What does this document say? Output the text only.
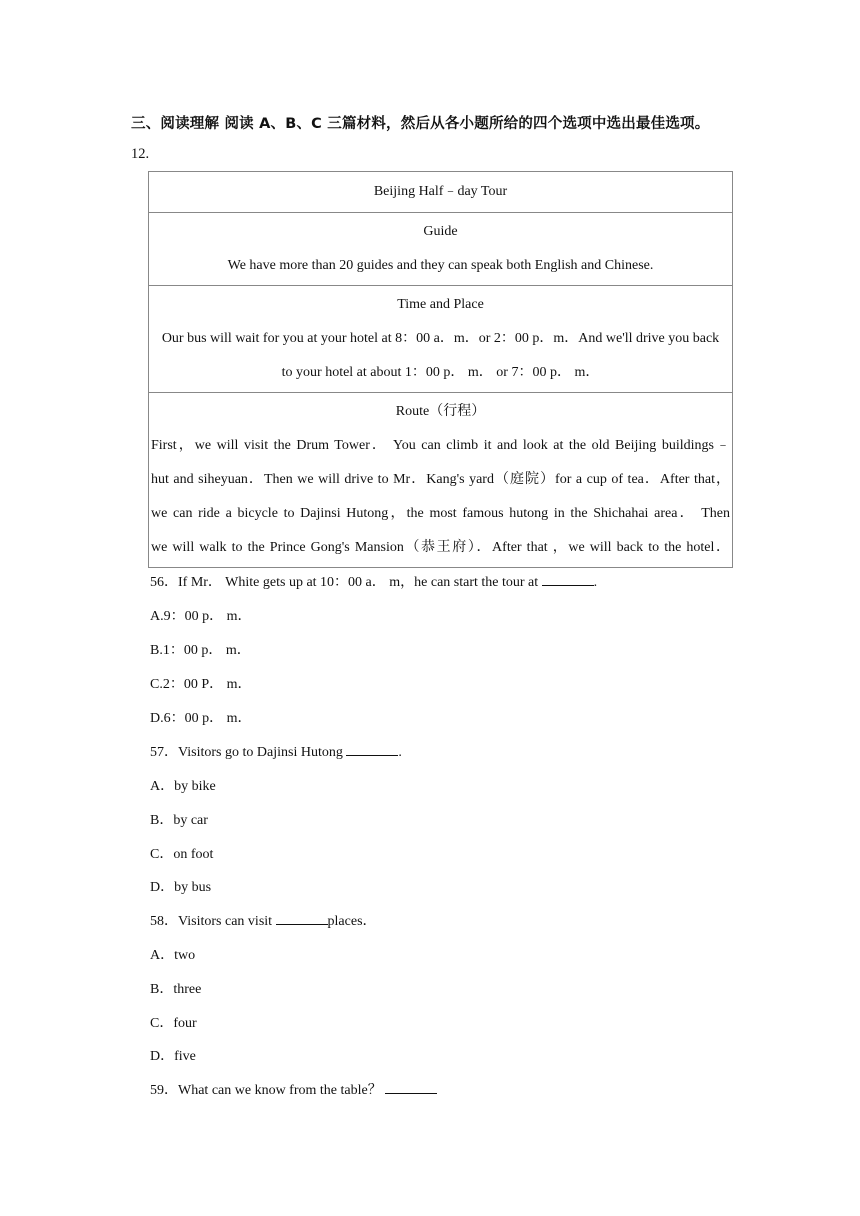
三、阅读理解 阅读 A、B、C 三篇材料，然后从各小题所给的四个选项中选出最佳选项。
12.
Beijing Half﹣day Tour

Guide
We have more than 20 guides and they can speak both English and Chinese.

Time and Place
Our bus will wait for you at your hotel at 8：00 a．m．or 2：00 p．m．And we'll drive you back
to your hotel at about 1：00 p． m． or 7：00 p． m．

Route（行程）
First，we will visit the Drum Tower． You can climb it and look at the old Beijing buildings﹣
hut and siheyuan．Then we will drive to Mr．Kang's yard（庭院）for a cup of tea．After that，
we can ride a bicycle to Dajinsi Hutong，the most famous hutong in the Shichahai area． Then
we will walk to the Prince Gong's Mansion（恭王府）．After that ，we will back to the hotel．
56．If Mr． White gets up at 10：00 a． m，he can start the tour at	.
A.9：00 p． m．
B.1：00 p． m．
C.2：00 P． m．
D.6：00 p． m．
57．Visitors go to Dajinsi Hutong	.
A．by bike
B．by car
C．on foot
D．by bus
58．Visitors can visit	places．
A．two
B．three
C．four
D．five
59．What can we know from the table？
